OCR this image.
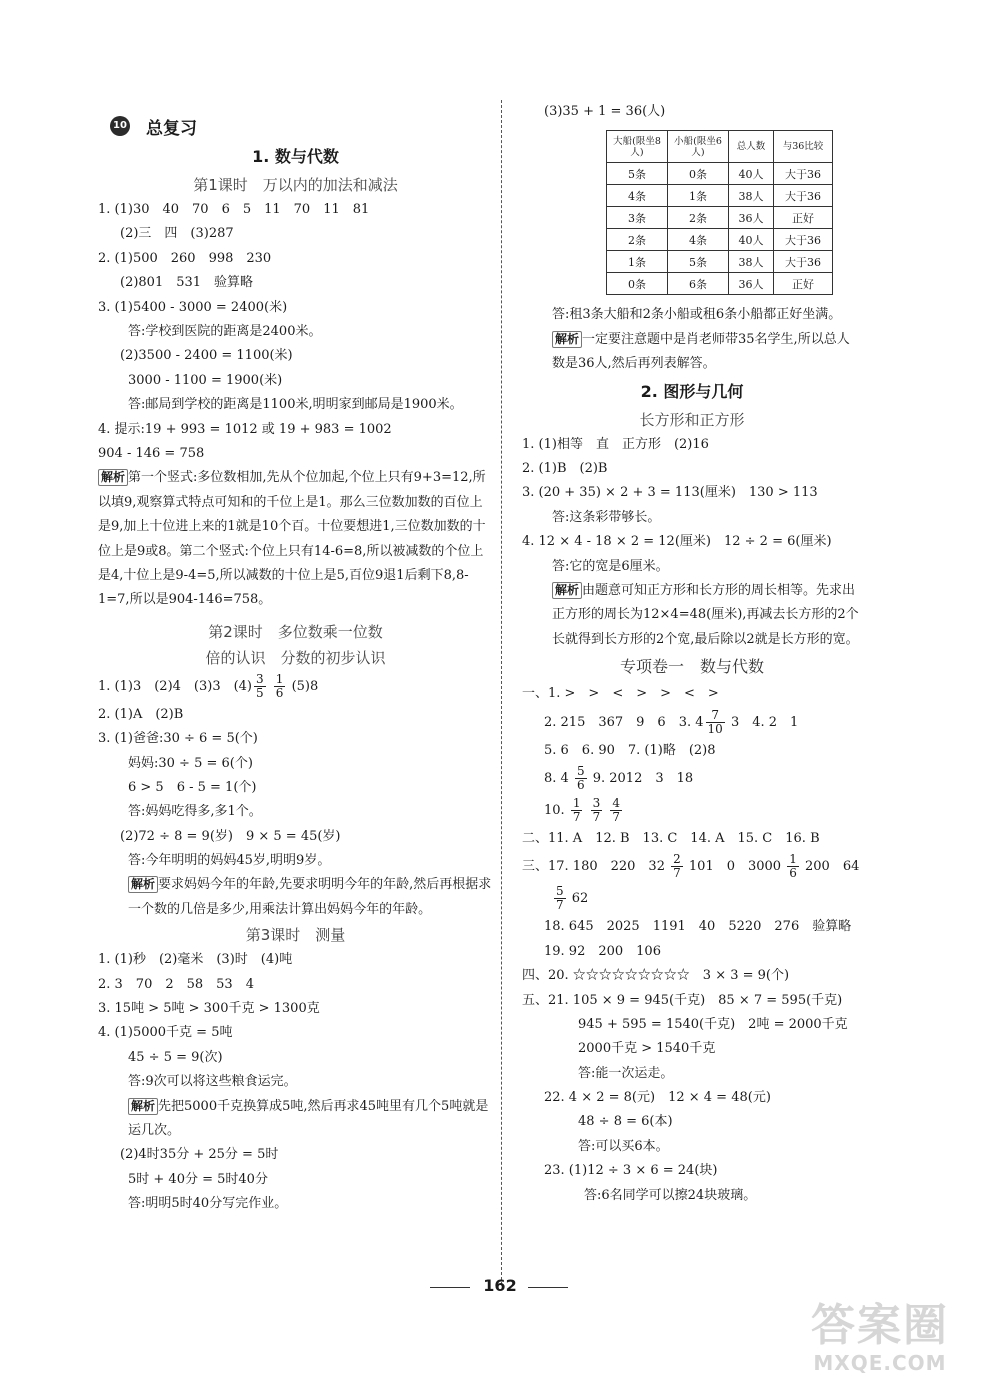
10 总复习
1. 数与代数
第1课时　万以内的加法和减法
1. (1)30　40　70　6　5　11　70　11　81
(2)三　四　(3)287
2. (1)500　260　998　230
(2)801　531　验算略
3. (1)5400 - 3000 = 2400(米)
答:学校到医院的距离是2400米。
(2)3500 - 2400 = 1100(米)
3000 - 1100 = 1900(米)
答:邮局到学校的距离是1100米,明明家到邮局是1900米。
4. 提示:19 + 993 = 1012 或 19 + 983 = 1002
904 - 146 = 758
解析 第一个竖式:多位数相加,先从个位加起,个位上只有9+3=12,所以填9,观察算式特点可知和的千位上是1。那么三位数加数的百位上是9,加上十位进上来的1就是10个百。十位要想进1,三位数加数的十位上是9或8。第二个竖式:个位上只有14-6=8,所以被减数的个位上是4,十位上是9-4=5,所以减数的十位上是5,百位9退1后剩下8,8-1=7,所以是904-146=758。
第2课时　多位数乘一位数
倍的认识　分数的初步认识
1. (1)3　(2)4　(3)3　$(4) \frac{3}{5}$
$\frac{1}{6} (5)8$
2. (1)A　(2)B
3. (1)爸爸:30 ÷ 6 = 5(个)
妈妈:30 ÷ 5 = 6(个)
6 > 5　6 - 5 = 1(个)
答:妈妈吃得多,多1个。
(2)72 ÷ 8 = 9(岁)　9 × 5 = 45(岁)
答:今年明明的妈妈45岁,明明9岁。
解析 要求妈妈今年的年龄,先要求明明今年的年龄,然后再根据求一个数的几倍是多少,用乘法计算出妈妈今年的年龄。
第3课时　测量
1. (1)秒　(2)毫米　(3)时　(4)吨
2. 3　70　2　58　53　4
3. 15吨 > 5吨 > 300千克 > 1300克
4. (1)5000千克 = 5吨
45 ÷ 5 = 9(次)
答:9次可以将这些粮食运完。
解析 先把5000千克换算成5吨,然后再求45吨里有几个5吨就是运几次。
(2)4时35分 + 25分 = 5时
5时 + 40分 = 5时40分
答:明明5时40分写完作业。
(3)35 + 1 = 36(人)
大船(限坐8人)	小船(限坐6人)	总人数	与36比较
5条	0条	40人	大于36
4条	1条	38人	大于36
3条	2条	36人	正好
2条	4条	40人	大于36
1条	5条	38人	大于36
0条	6条	36人	正好
答:租3条大船和2条小船或租6条小船都正好坐满。
解析 一定要注意题中是肖老师带35名学生,所以总人数是36人,然后再列表解答。
2. 图形与几何
长方形和正方形
1. (1)相等　直　正方形　(2)16
2. (1)B　(2)B
3. (20 + 35) × 2 + 3 = 113(厘米)　130 > 113
答:这条彩带够长。
4. 12 × 4 - 18 × 2 = 12(厘米)　12 ÷ 2 = 6(厘米)
答:它的宽是6厘米。
解析 由题意可知正方形和长方形的周长相等。先求出正方形的周长为12×4=48(厘米),再减去长方形的2个长就得到长方形的2个宽,最后除以2就是长方形的宽。
专项卷一　数与代数
一、1. >　>　<　>　>　<　>
2. 215　367　9　6　3. $4 \frac{7}{10} 3$　4. 2　1
5. 6　6. 90　7. (1)略　(2)8
8. $4 \frac{5}{6} 9$. 2012　3　18
10. $\frac{1}{7}$
$\frac{3}{7}$
$\frac{4}{7}$
二、11. A　12. B　13. C　14. A　15. C　16. B
三、17. 180　220　$32 \frac{2}{7} 101$　0　$3000 \frac{1}{6} 200$　64
$\frac{5}{7} 62$
18. 645　2025　1191　40　5220　276　验算略
19. 92　200　106
四、20. ☆☆☆☆☆☆☆☆☆　3 × 3 = 9(个)
五、21. 105 × 9 = 945(千克)　85 × 7 = 595(千克)
945 + 595 = 1540(千克)　2吨 = 2000千克
2000千克 > 1540千克
答:能一次运走。
22. 4 × 2 = 8(元)　12 × 4 = 48(元)
48 ÷ 8 = 6(本)
答:可以买6本。
23. (1)12 ÷ 3 × 6 = 24(块)
答:6名同学可以擦24块玻璃。
162
答案圈
MXQE.COM
